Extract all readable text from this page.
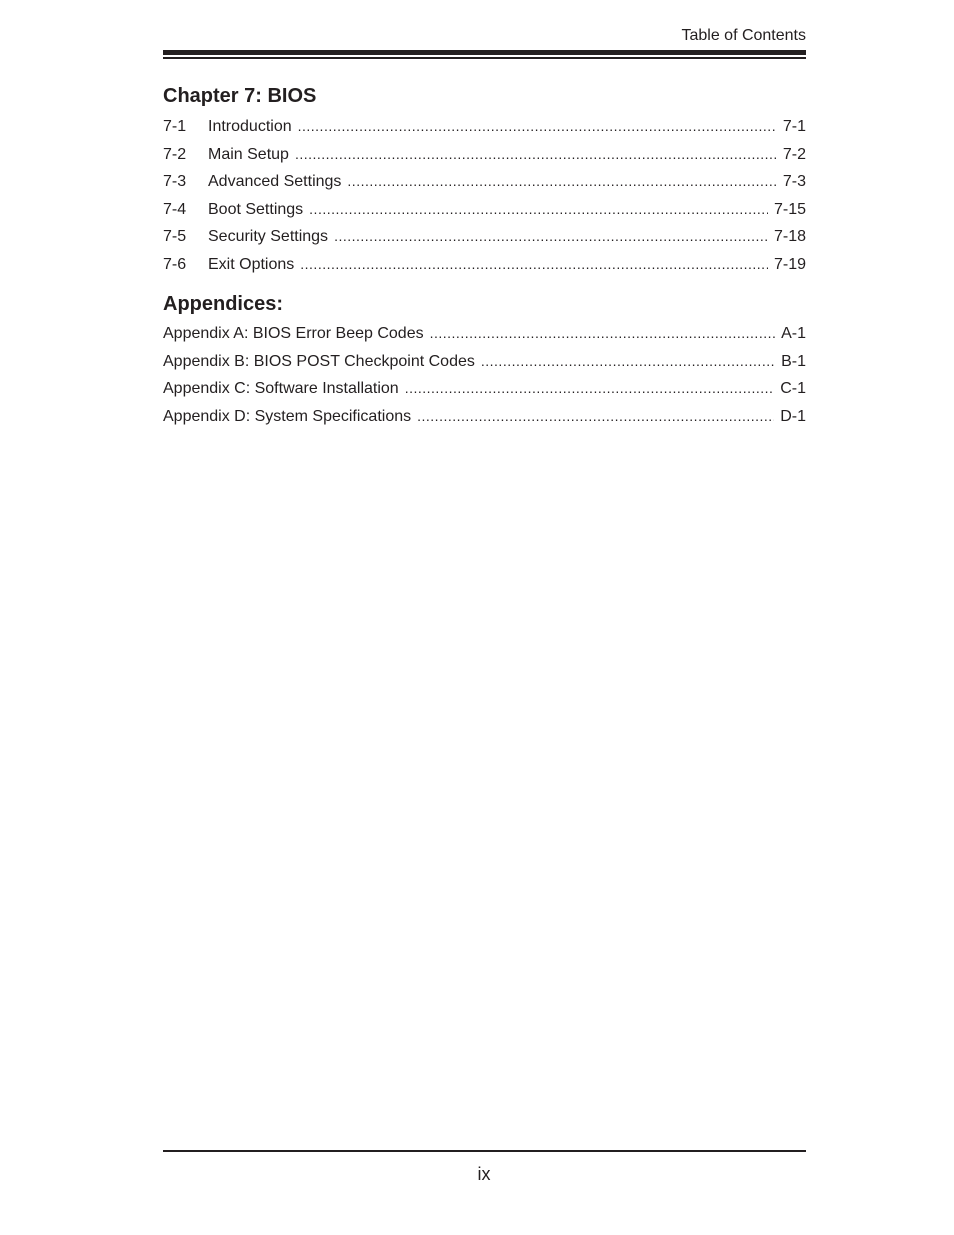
Table of Contents
Chapter 7: BIOS
7-1	Introduction .....	7-1
7-2	Main Setup .....	7-2
7-3	Advanced Settings .....	7-3
7-4	Boot Settings .....	7-15
7-5	Security Settings .....	7-18
7-6	Exit Options .....	7-19
Appendices:
Appendix A: BIOS Error Beep Codes .....	A-1
Appendix B: BIOS POST Checkpoint Codes .....	B-1
Appendix C: Software Installation .....	C-1
Appendix D: System Specifications .....	D-1
ix
